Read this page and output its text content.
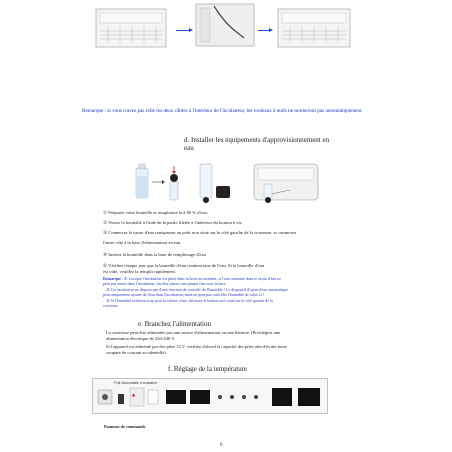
Remarque : si vous n'avez pas relié les deux câbles à l'intérieur de l'incubateur, les rouleaux à œufs ne tourneront pas automatiquement.
d. Installer les équipements d'approvisionnement en
eau
① Préparez votre bouteille et remplissez-la à 80 % d'eau.
② Vissez la bouteille à l'aide de la partie filetée à l'intérieur du bouton à vis.
③ Connectez le tuyau d'eau transparent au petit trou situé sur le côté gauche de la couveuse, et connectez
l'autre côté à la base d'alimentation en eau.
④ Insérez la bouteille dans la base de remplissage d'eau
⑤ Vérifiez chaque jour que la bouteille d'eau contient tans de l'eau. Si la bouteille d'eau
est vide, veuillez la remplir rapidement.
Remarque : ① Lorsque l'incubateur est placé dans la boite au moment, si l'eau contenue dans le tuyau d'eau ne
peut pas entrer dans l'incubateur, vérifiez placez une plaque fine sous la base.
② Cet incubateur ne dispose pas d'une fonction de contrôle de l'humidité ! Le dispositif d'ajout d'eau automatique
peut uniquement ajouter de l'eau dans l'incubateur, mais ne peut pas contrôler l'humidité de celui-ci !
③ Si l'humidité extérieur trop pour la vitesse critic, dévissez le bouton noir situé sur le côté gauche de la
couveuse.
e. Branchez l'alimentation
La couveuse peut être alimentée par une source d'alimentation ou une batterie. (Privilégiez une
alimentation électrique de 220-240 V.
Si l'appareil est alimenté par des piles 12 V, vérifiez d'abord la capacité des piles afin d'éviter toute
coupure de courant accidentelle).
f. Réglage de la température
▲
Full Automatic Incubator
Panneau de commande
.
6
